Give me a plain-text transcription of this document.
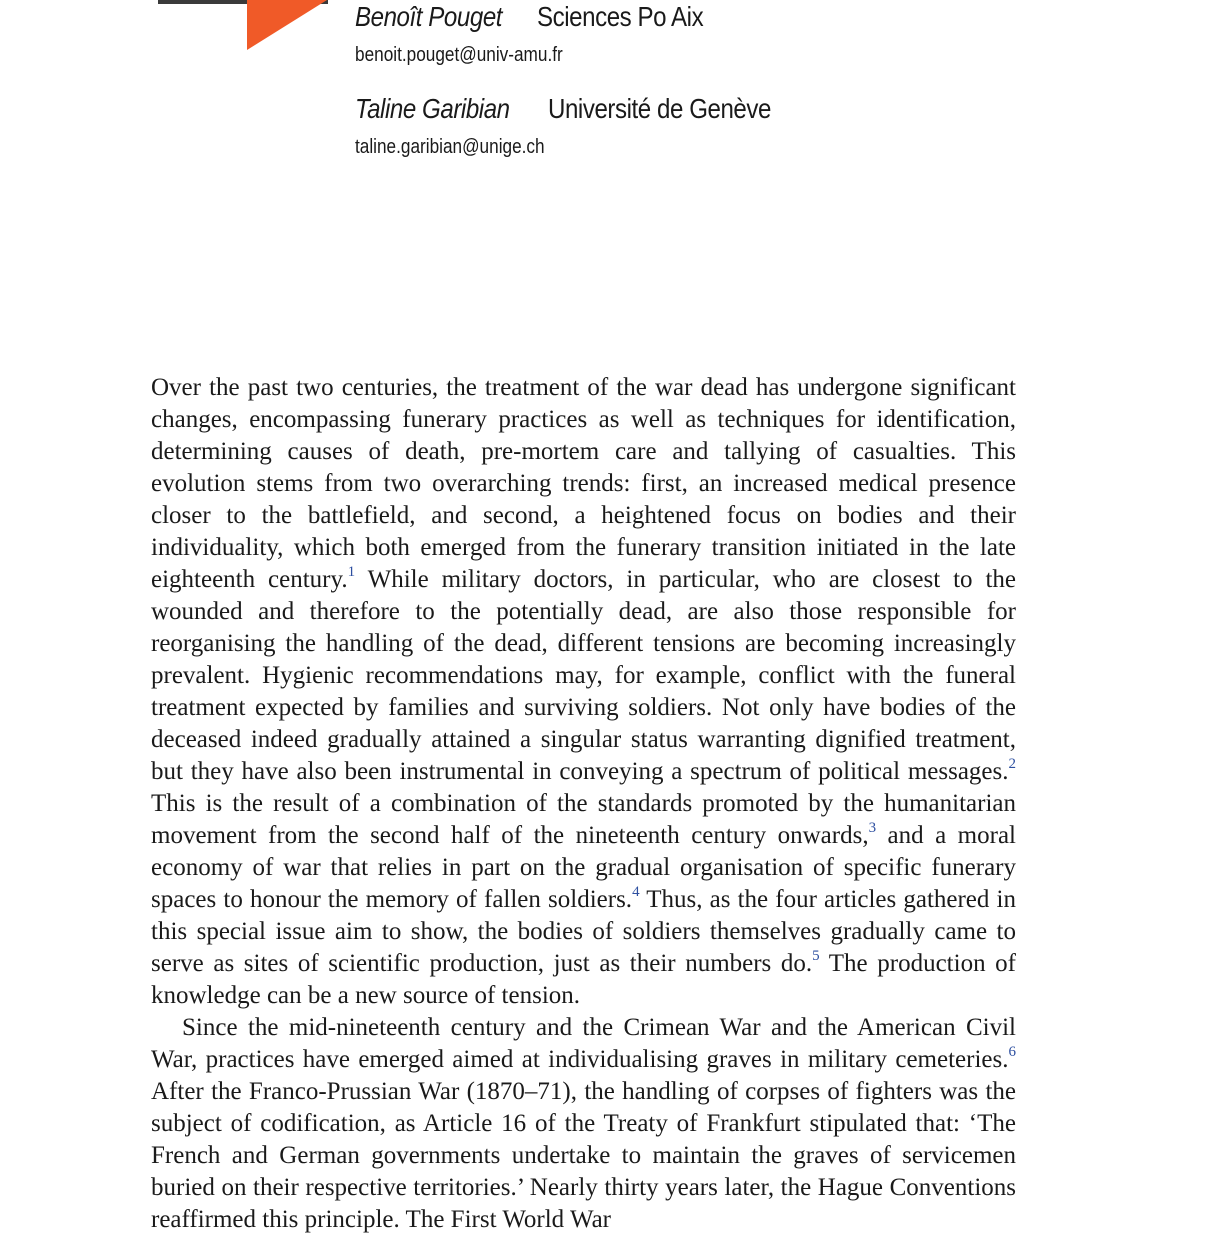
Benoît Pouget Sciences Po Aix
benoit.pouget@univ-amu.fr
Taline Garibian Université de Genève
taline.garibian@unige.ch

Over the past two centuries, the treatment of the war dead has undergone significant changes, encompassing funerary practices as well as techniques for identification, determining causes of death, pre-mortem care and tallying of casualties. This evolution stems from two overarching trends: first, an increased medical presence closer to the battlefield, and second, a heightened focus on bodies and their individuality, which both emerged from the funerary transition initiated in the late eighteenth century.$^1$ While military doctors, in particular, who are closest to the wounded and therefore to the potentially dead, are also those responsible for reorganising the handling of the dead, different tensions are becoming increasingly prevalent. Hygienic recommendations may, for example, conflict with the funeral treatment expected by families and surviving soldiers. Not only have bodies of the deceased indeed gradually attained a singular status warranting dignified treatment, but they have also been instrumental in conveying a spectrum of political messages.$^2$ This is the result of a combination of the standards promoted by the humanitarian movement from the second half of the nineteenth century onwards,$^3$ and a moral economy of war that relies in part on the gradual organisation of specific funerary spaces to honour the memory of fallen soldiers.$^4$ Thus, as the four articles gathered in this special issue aim to show, the bodies of soldiers themselves gradually came to serve as sites of scientific production, just as their numbers do.$^5$ The production of knowledge can be a new source of tension.

Since the mid-nineteenth century and the Crimean War and the American Civil War, practices have emerged aimed at individualising graves in military cemeteries.$^6$ After the Franco-Prussian War (1870–71), the handling of corpses of fighters was the subject of codification, as Article 16 of the Treaty of Frankfurt stipulated that: ‘The French and German governments undertake to maintain the graves of servicemen buried on their respective territories.’ Nearly thirty years later, the Hague Conventions reaffirmed this principle. The First World War
